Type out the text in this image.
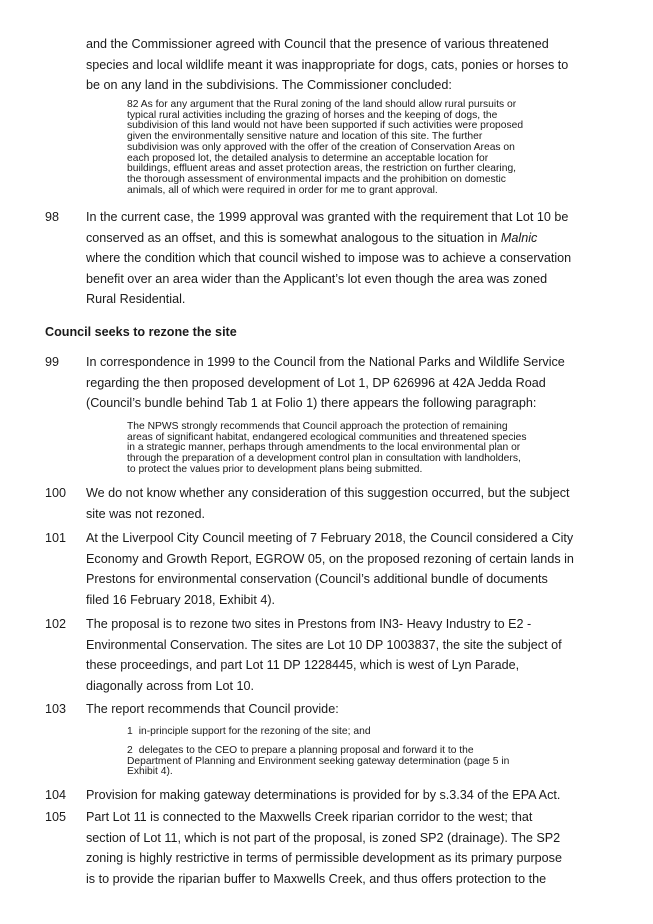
and the Commissioner agreed with Council that the presence of various threatened
species and local wildlife meant it was inappropriate for dogs, cats, ponies or horses to
be on any land in the subdivisions. The Commissioner concluded:
82 As for any argument that the Rural zoning of the land should allow rural pursuits or
typical rural activities including the grazing of horses and the keeping of dogs, the
subdivision of this land would not have been supported if such activities were proposed
given the environmentally sensitive nature and location of this site. The further
subdivision was only approved with the offer of the creation of Conservation Areas on
each proposed lot, the detailed analysis to determine an acceptable location for
buildings, effluent areas and asset protection areas, the restriction on further clearing,
the thorough assessment of environmental impacts and the prohibition on domestic
animals, all of which were required in order for me to grant approval.
98	In the current case, the 1999 approval was granted with the requirement that Lot 10 be
conserved as an offset, and this is somewhat analogous to the situation in Malnic
where the condition which that council wished to impose was to achieve a conservation
benefit over an area wider than the Applicant’s lot even though the area was zoned
Rural Residential.
Council seeks to rezone the site
99	In correspondence in 1999 to the Council from the National Parks and Wildlife Service
regarding the then proposed development of Lot 1, DP 626996 at 42A Jedda Road
(Council’s bundle behind Tab 1 at Folio 1) there appears the following paragraph:
The NPWS strongly recommends that Council approach the protection of remaining
areas of significant habitat, endangered ecological communities and threatened species
in a strategic manner, perhaps through amendments to the local environmental plan or
through the preparation of a development control plan in consultation with landholders,
to protect the values prior to development plans being submitted.
100	We do not know whether any consideration of this suggestion occurred, but the subject
site was not rezoned.
101	At the Liverpool City Council meeting of 7 February 2018, the Council considered a City
Economy and Growth Report, EGROW 05, on the proposed rezoning of certain lands in
Prestons for environmental conservation (Council’s additional bundle of documents
filed 16 February 2018, Exhibit 4).
102	The proposal is to rezone two sites in Prestons from IN3- Heavy Industry to E2 -
Environmental Conservation. The sites are Lot 10 DP 1003837, the site the subject of
these proceedings, and part Lot 11 DP 1228445, which is west of Lyn Parade,
diagonally across from Lot 10.
103	The report recommends that Council provide:
1 in-principle support for the rezoning of the site; and
2 delegates to the CEO to prepare a planning proposal and forward it to the
Department of Planning and Environment seeking gateway determination (page 5 in
Exhibit 4).
104	Provision for making gateway determinations is provided for by s.3.34 of the EPA Act.
105	Part Lot 11 is connected to the Maxwells Creek riparian corridor to the west; that
section of Lot 11, which is not part of the proposal, is zoned SP2 (drainage). The SP2
zoning is highly restrictive in terms of permissible development as its primary purpose
is to provide the riparian buffer to Maxwells Creek, and thus offers protection to the
